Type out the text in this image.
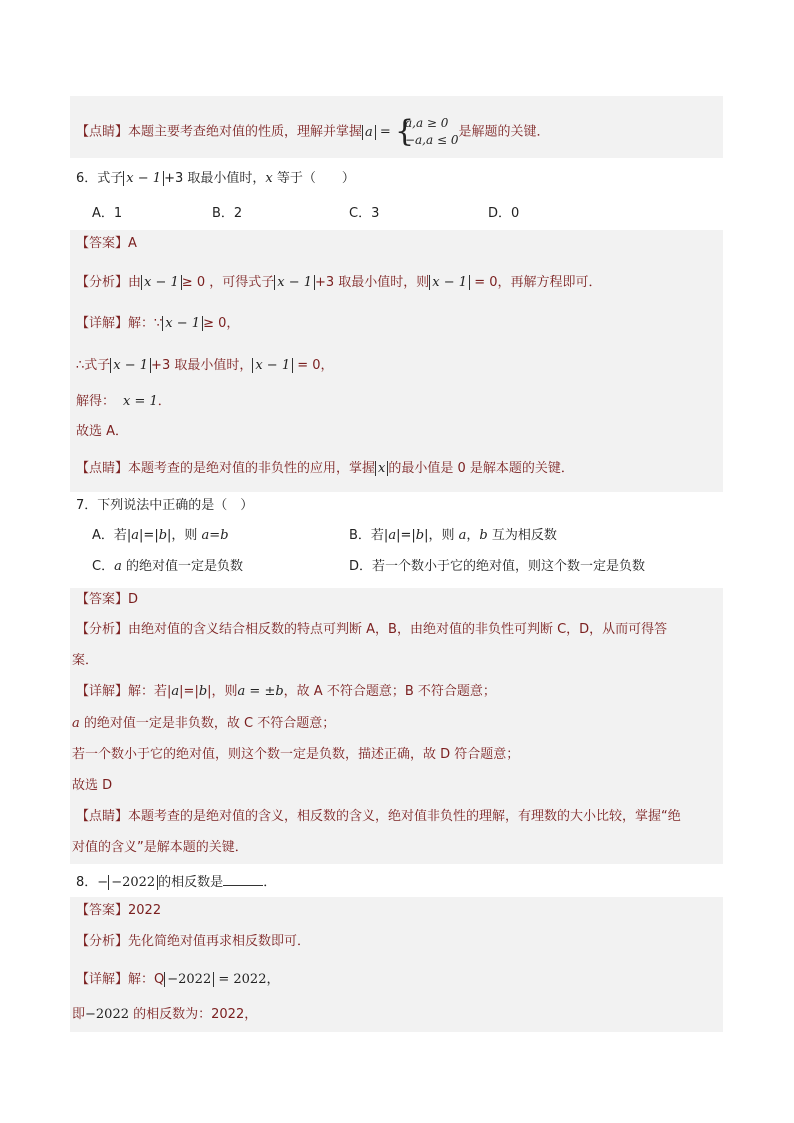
【点睛】本题主要考查绝对值的性质，理解并掌握 a = {
a,a ≥ 0
−a,a ≤ 0是解题的关键．
6．式子 x − 1 +3 取最小值时，x 等于（　　）
A．1	B．2	C．3	D．0
【答案】A
【分析】由 x − 1 ≥ 0 ，可得式子 x − 1 +3 取最小值时，则 x − 1 = 0，再解方程即可．
【详解】解：∵ x − 1 ≥ 0，
∴式子 x − 1 +3 取最小值时， x − 1 = 0，
解得： x = 1．
故选 A．
【点睛】本题考查的是绝对值的非负性的应用，掌握 x 的最小值是 0 是解本题的关键．
7．下列说法中正确的是（　）
A．若|a|=|b|，则 a=b	B．若|a|=|b|，则 a，b 互为相反数
C．a 的绝对值一定是负数	D．若一个数小于它的绝对值，则这个数一定是负数
【答案】D
【分析】由绝对值的含义结合相反数的特点可判断 A，B，由绝对值的非负性可判断 C，D，从而可得答
案．
【详解】解：若|a|=|b|，则a = ±b，故 A 不符合题意；B 不符合题意；
a 的绝对值一定是非负数，故 C 不符合题意；
若一个数小于它的绝对值，则这个数一定是负数，描述正确，故 D 符合题意；
故选 D
【点睛】本题考查的是绝对值的含义，相反数的含义，绝对值非负性的理解，有理数的大小比较，掌握“绝
对值的含义”是解本题的关键．
8．− −2022 的相反数是	．
【答案】2022
【分析】先化简绝对值再求相反数即可．
【详解】解：Q −2022 = 2022，
即−2022 的相反数为：2022，
